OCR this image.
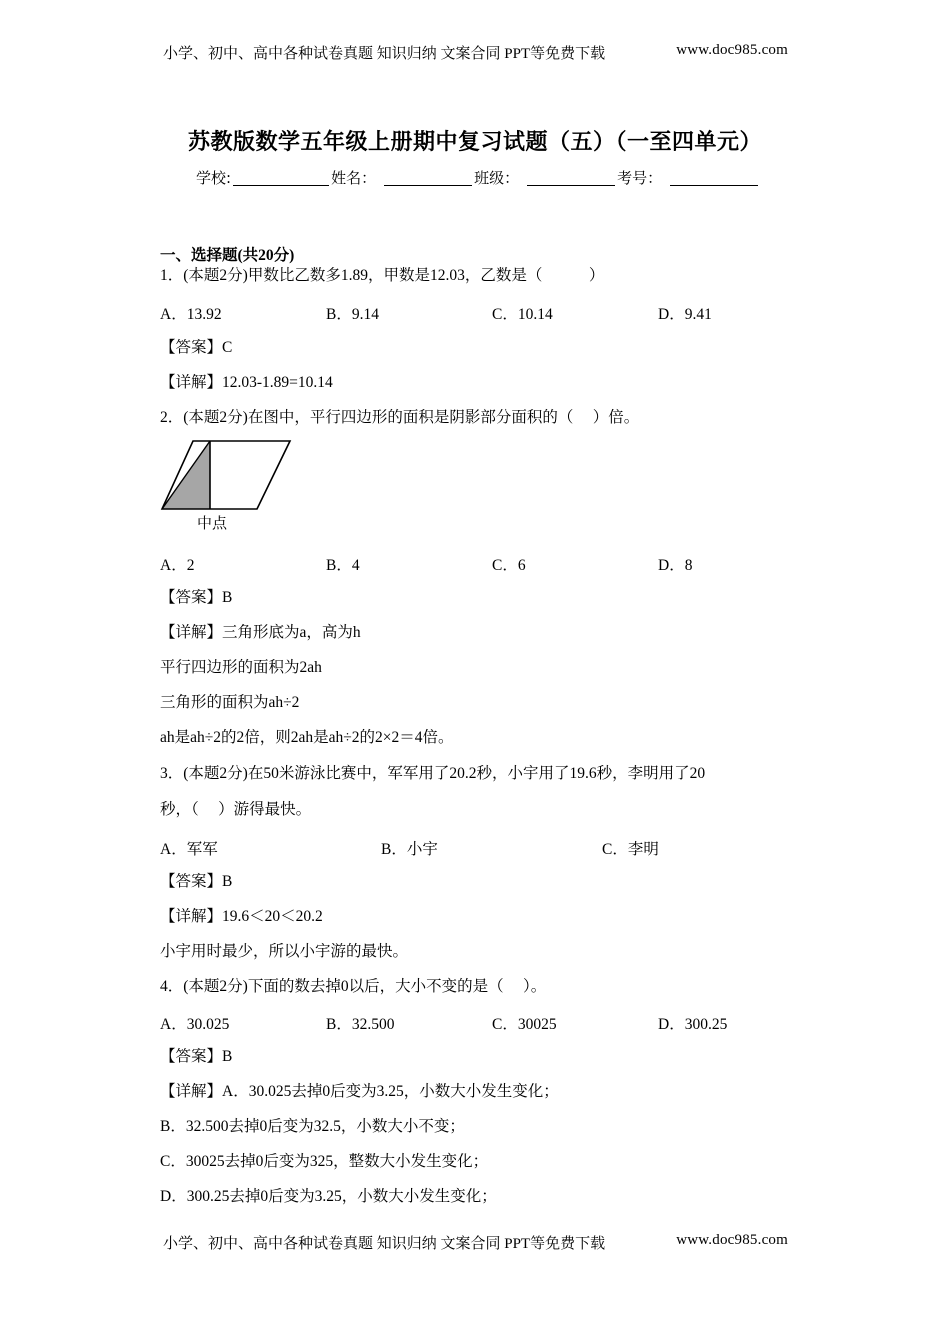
小学、初中、高中各种试卷真题 知识归纳 文案合同 PPT等免费下载	www.doc985.com
苏教版数学五年级上册期中复习试题（五）（一至四单元）
学校:	姓名：	班级：	考号：
一、选择题(共20分)
1．(本题2分)甲数比乙数多1.89，甲数是12.03，乙数是（　　　）
A．13.92	B．9.14	C．10.14	D．9.41
【答案】C
【详解】12.03-1.89=10.14
2．(本题2分)在图中，平行四边形的面积是阴影部分面积的（　 ）倍。
中点
A．2	B．4	C．6	D．8
【答案】B
【详解】三角形底为a，高为h
平行四边形的面积为2ah
三角形的面积为ah÷2
ah是ah÷2的2倍，则2ah是ah÷2的2×2＝4倍。
3．(本题2分)在50米游泳比赛中，军军用了20.2秒，小宇用了19.6秒，李明用了20
秒，（　 ）游得最快。
A．军军	B．小宇	C．李明
【答案】B
【详解】19.6＜20＜20.2
小宇用时最少，所以小宇游的最快。
4．(本题2分)下面的数去掉0以后，大小不变的是（　 ）。
A．30.025	B．32.500	C．30025	D．300.25
【答案】B
【详解】A．30.025去掉0后变为3.25，小数大小发生变化；
B．32.500去掉0后变为32.5，小数大小不变；
C．30025去掉0后变为325，整数大小发生变化；
D．300.25去掉0后变为3.25，小数大小发生变化；
小学、初中、高中各种试卷真题 知识归纳 文案合同 PPT等免费下载	www.doc985.com
